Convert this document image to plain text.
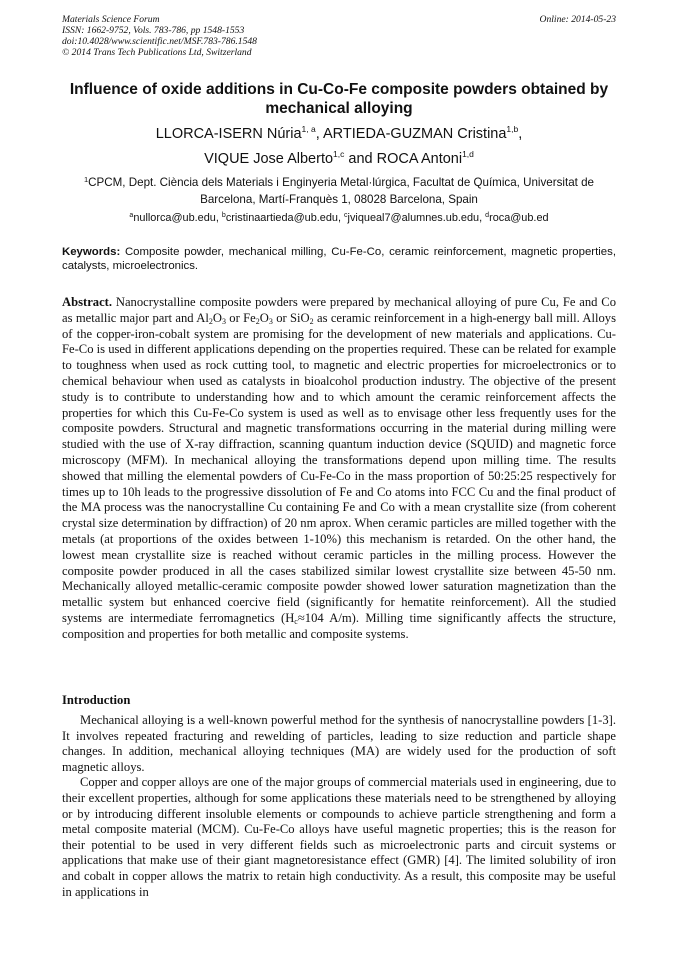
Materials Science Forum
ISSN: 1662-9752, Vols. 783-786, pp 1548-1553
doi:10.4028/www.scientific.net/MSF.783-786.1548
© 2014 Trans Tech Publications Ltd, Switzerland
Online: 2014-05-23
Influence of oxide additions in Cu-Co-Fe composite powders obtained by mechanical alloying
LLORCA-ISERN Núria$^{1, a}$, ARTIEDA-GUZMAN Cristina$^{1,b}$,
VIQUE Jose Alberto$^{1,c}$ and ROCA Antoni$^{1,d}$
$^1$CPCM, Dept. Ciència dels Materials i Enginyeria Metal·lúrgica, Facultat de Química, Universitat de Barcelona, Martí-Franquès 1, 08028 Barcelona, Spain
$^a$nullorca@ub.edu, $^b$cristinaartieda@ub.edu, $^c$jviqueal7@alumnes.ub.edu, $^d$roca@ub.ed
Keywords: Composite powder, mechanical milling, Cu-Fe-Co, ceramic reinforcement, magnetic properties, catalysts, microelectronics.
Abstract. Nanocrystalline composite powders were prepared by mechanical alloying of pure Cu, Fe and Co as metallic major part and $Al_2O_3$ or $Fe_2O_3$ or SiO$_2$ as ceramic reinforcement in a high-energy ball mill. Alloys of the copper-iron-cobalt system are promising for the development of new materials and applications. Cu-Fe-Co is used in different applications depending on the properties required. These can be related for example to toughness when used as rock cutting tool, to magnetic and electric properties for microelectronics or to chemical behaviour when used as catalysts in bioalcohol production industry. The objective of the present study is to contribute to understanding how and to which amount the ceramic reinforcement affects the properties for which this Cu-Fe-Co system is used as well as to envisage other less frequently uses for the composite powders. Structural and magnetic transformations occurring in the material during milling were studied with the use of X-ray diffraction, scanning quantum induction device (SQUID) and magnetic force microscopy (MFM). In mechanical alloying the transformations depend upon milling time. The results showed that milling the elemental powders of Cu-Fe-Co in the mass proportion of 50:25:25 respectively for times up to 10h leads to the progressive dissolution of Fe and Co atoms into FCC Cu and the final product of the MA process was the nanocrystalline Cu containing Fe and Co with a mean crystallite size (from coherent crystal size determination by diffraction) of 20 nm aprox. When ceramic particles are milled together with the metals (at proportions of the oxides between 1-10%) this mechanism is retarded. On the other hand, the lowest mean crystallite size is reached without ceramic particles in the milling process. However the composite powder produced in all the cases stabilized similar lowest crystallite size between 45-50 nm. Mechanically alloyed metallic-ceramic composite powder showed lower saturation magnetization than the metallic system but enhanced coercive field (significantly for hematite reinforcement). All the studied systems are intermediate ferromagnetics ($H_c\approx 104$ A/m). Milling time significantly affects the structure, composition and properties for both metallic and composite systems.
Introduction

Mechanical alloying is a well-known powerful method for the synthesis of nanocrystalline powders [1-3]. It involves repeated fracturing and rewelding of particles, leading to size reduction and particle shape changes. In addition, mechanical alloying techniques (MA) are widely used for the production of soft magnetic alloys.

Copper and copper alloys are one of the major groups of commercial materials used in engineering, due to their excellent properties, although for some applications these materials need to be strengthened by alloying or by introducing different insoluble elements or compounds to achieve particle strengthening and form a metal composite material (MCM). Cu-Fe-Co alloys have useful magnetic properties; this is the reason for their potential to be used in very different fields such as microelectronic parts and circuit systems or applications that make use of their giant magnetoresistance effect (GMR) [4]. The limited solubility of iron and cobalt in copper allows the matrix to retain high conductivity. As a result, this composite may be useful in applications in
